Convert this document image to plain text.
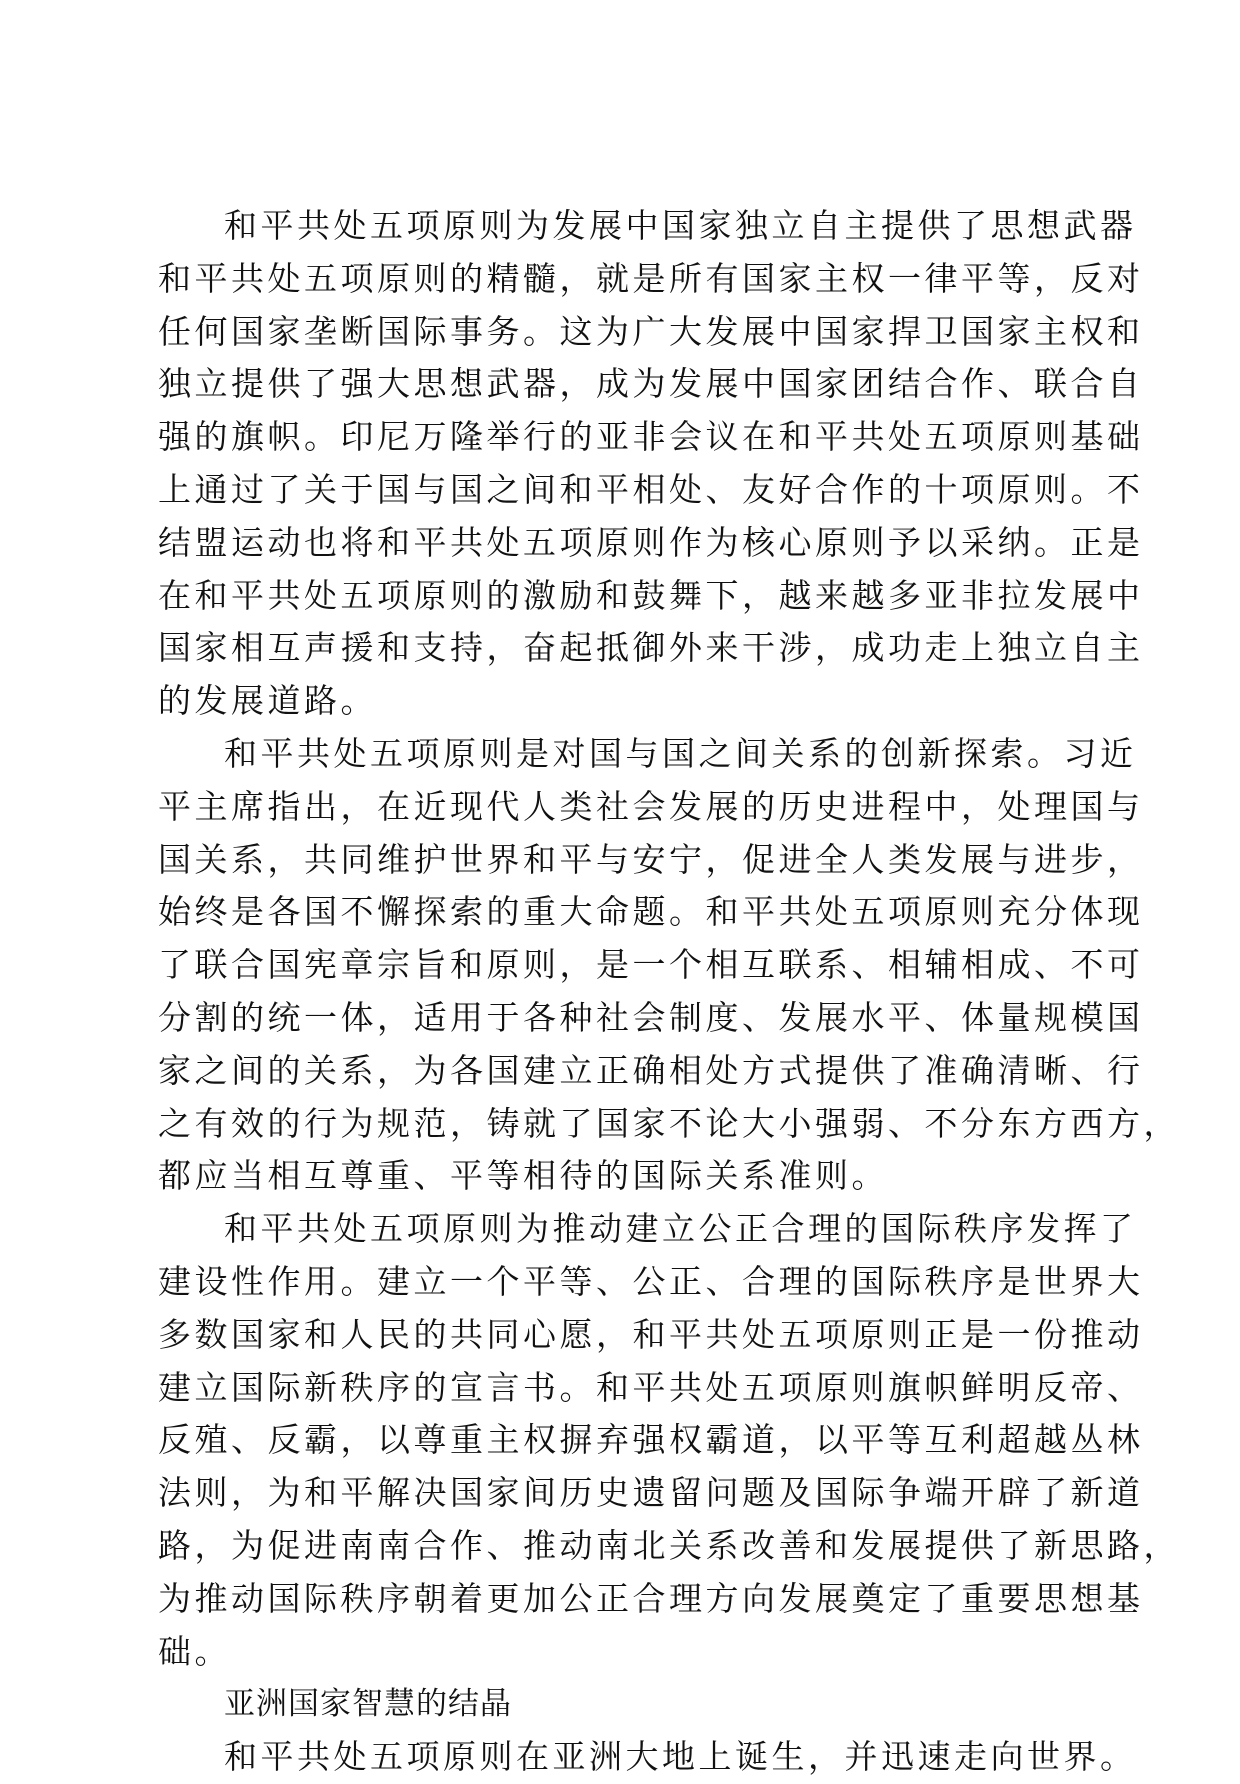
和平共处五项原则为发展中国家独立自主提供了思想武器
和平共处五项原则的精髓，就是所有国家主权一律平等，反对
任何国家垄断国际事务。这为广大发展中国家捍卫国家主权和
独立提供了强大思想武器，成为发展中国家团结合作、联合自
强的旗帜。印尼万隆举行的亚非会议在和平共处五项原则基础
上通过了关于国与国之间和平相处、友好合作的十项原则。不
结盟运动也将和平共处五项原则作为核心原则予以采纳。正是
在和平共处五项原则的激励和鼓舞下，越来越多亚非拉发展中
国家相互声援和支持，奋起抵御外来干涉，成功走上独立自主
的发展道路。
和平共处五项原则是对国与国之间关系的创新探索。习近
平主席指出，在近现代人类社会发展的历史进程中，处理国与
国关系，共同维护世界和平与安宁，促进全人类发展与进步，
始终是各国不懈探索的重大命题。和平共处五项原则充分体现
了联合国宪章宗旨和原则，是一个相互联系、相辅相成、不可
分割的统一体，适用于各种社会制度、发展水平、体量规模国
家之间的关系，为各国建立正确相处方式提供了准确清晰、行
之有效的行为规范，铸就了国家不论大小强弱、不分东方西方，
都应当相互尊重、平等相待的国际关系准则。
和平共处五项原则为推动建立公正合理的国际秩序发挥了
建设性作用。建立一个平等、公正、合理的国际秩序是世界大
多数国家和人民的共同心愿，和平共处五项原则正是一份推动
建立国际新秩序的宣言书。和平共处五项原则旗帜鲜明反帝、
反殖、反霸，以尊重主权摒弃强权霸道，以平等互利超越丛林
法则，为和平解决国家间历史遗留问题及国际争端开辟了新道
路，为促进南南合作、推动南北关系改善和发展提供了新思路，
为推动国际秩序朝着更加公正合理方向发展奠定了重要思想基
础。
亚洲国家智慧的结晶
和平共处五项原则在亚洲大地上诞生，并迅速走向世界。
